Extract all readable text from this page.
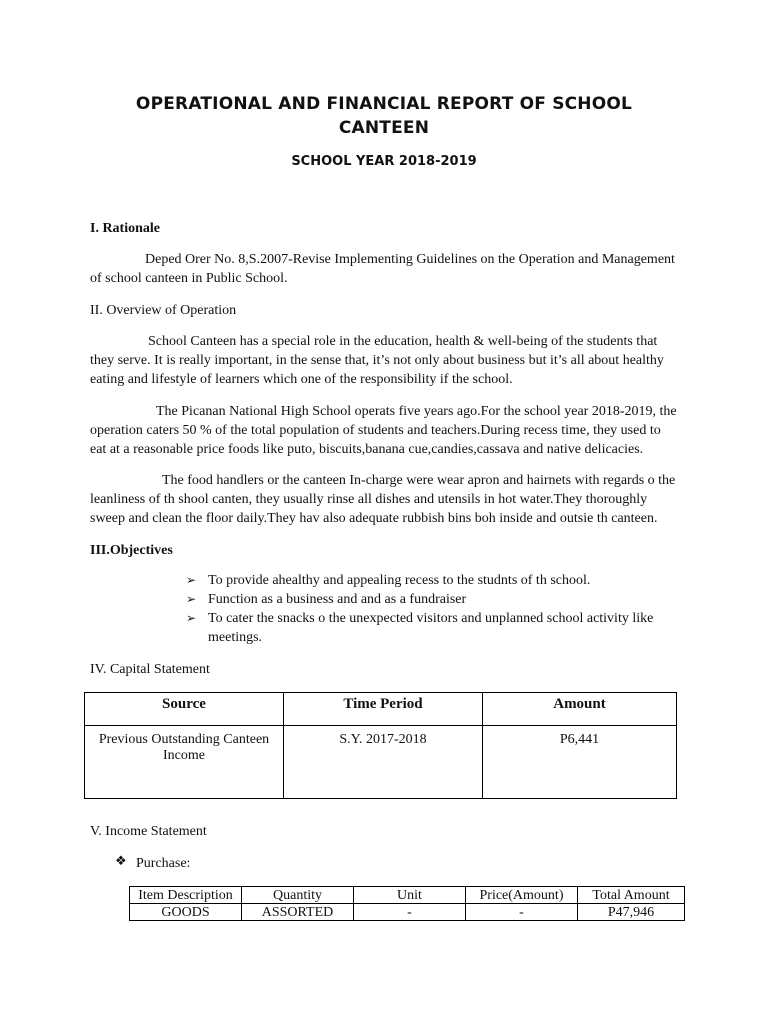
OPERATIONAL AND FINANCIAL REPORT OF SCHOOL CANTEEN
SCHOOL YEAR 2018-2019
I. Rationale
Deped Orer No. 8,S.2007-Revise Implementing Guidelines on the Operation and Management of school canteen in Public School.
II. Overview of Operation
School Canteen has a special role in the education, health & well-being of the students that they serve. It is really important, in the sense that, it’s not only about business but it’s all about healthy eating and lifestyle of learners which one of the responsibility if the school.
The Picanan National High School operats five years ago.For the school year 2018-2019, the operation caters 50 % of the total population of students and teachers.During recess time, they used to eat at a reasonable price foods like puto, biscuits,banana cue,candies,cassava and native delicacies.
The food handlers or the canteen In-charge were wear apron and hairnets with regards o the leanliness of th shool canten, they usually rinse all dishes and utensils in hot water.They thoroughly sweep and clean the floor daily.They hav also adequate rubbish bins boh inside and outsie th canteen.
III.Objectives
➢ To provide ahealthy and appealing recess to the studnts of th school.
➢ Function as a business and and as a fundraiser
➢ To cater the snacks o the unexpected visitors and unplanned school activity like meetings.
IV. Capital Statement
Source	Time Period	Amount
Previous Outstanding Canteen Income	S.Y. 2017-2018	P6,441
V. Income Statement
❖ Purchase:
Item Description	Quantity	Unit	Price(Amount)	Total Amount
GOODS	ASSORTED	-	-	P47,946
